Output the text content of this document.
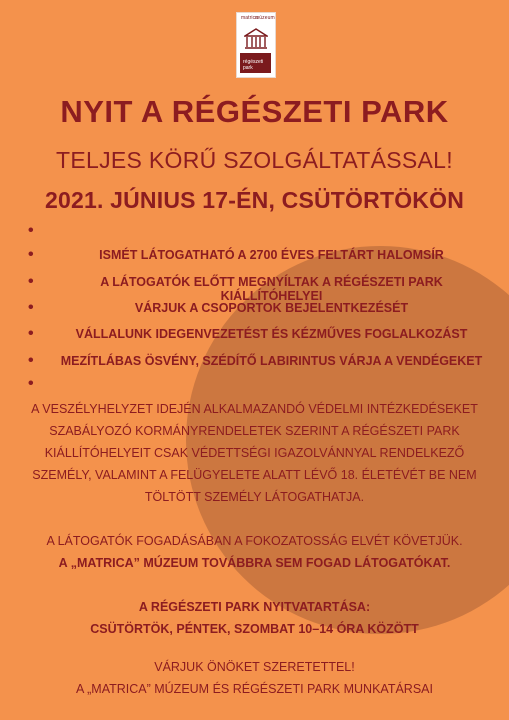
matrica
múzeum
régészeti park
NYIT A RÉGÉSZETI PARK
TELJES KÖRŰ SZOLGÁLTATÁSSAL!
2021. JÚNIUS 17-ÉN, CSÜTÖRTÖKÖN
•
•	ISMÉT LÁTOGATHATÓ A 2700 ÉVES FELTÁRT HALOMSÍR
•	A LÁTOGATÓK ELŐTT MEGNYÍLTAK A RÉGÉSZETI PARK KIÁLLÍTÓHELYEI
•	VÁRJUK A CSOPORTOK BEJELENTKEZÉSÉT
•	VÁLLALUNK IDEGENVEZETÉST ÉS KÉZMŰVES FOGLALKOZÁST
•	MEZÍTLÁBAS ÖSVÉNY, SZÉDÍTŐ LABIRINTUS VÁRJA A VENDÉGEKET
•
A VESZÉLYHELYZET IDEJÉN ALKALMAZANDÓ VÉDELMI INTÉZKEDÉSEKET
SZABÁLYOZÓ KORMÁNYRENDELETEK SZERINT A RÉGÉSZETI PARK
KIÁLLÍTÓHELYEIT CSAK VÉDETTSÉGI IGAZOLVÁNNYAL RENDELKEZŐ
SZEMÉLY, VALAMINT A FELÜGYELETE ALATT LÉVŐ 18. ÉLETÉVÉT BE NEM
TÖLTÖTT SZEMÉLY LÁTOGATHATJA.
A LÁTOGATÓK FOGADÁSÁBAN A FOKOZATOSSÁG ELVÉT KÖVETJÜK.
A „MATRICA” MÚZEUM TOVÁBBRA SEM FOGAD LÁTOGATÓKAT.
A RÉGÉSZETI PARK NYITVATARTÁSA:
CSÜTÖRTÖK, PÉNTEK, SZOMBAT 10–14 ÓRA KÖZÖTT
VÁRJUK ÖNÖKET SZERETETTEL!
A „MATRICA” MÚZEUM ÉS RÉGÉSZETI PARK MUNKATÁRSAI
